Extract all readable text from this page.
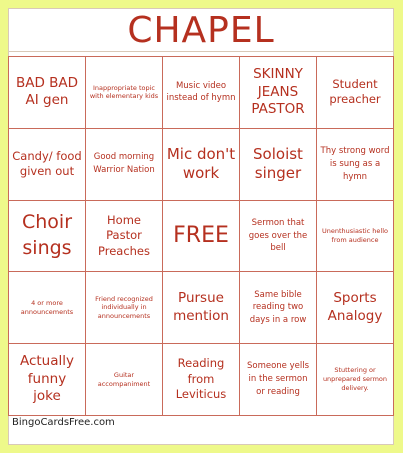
CHAPEL
BAD BAD AI gen
Inappropriate topic with elementary kids
Music video instead of hymn
SKINNY JEANS PASTOR
Student preacher
Candy/ food given out
Good morning Warrior Nation
Mic don't work
Soloist singer
Thy strong word is sung as a hymn
Choir sings
Home Pastor Preaches
FREE
Sermon that goes over the bell
Unenthusiastic hello from audience
4 or more announcements
Friend recognized individually in announcements
Pursue mention
Same bible reading two days in a row
Sports Analogy
Actually funny joke
Guitar accompaniment
Reading from Leviticus
Someone yells in the sermon or reading
Stuttering or unprepared sermon delivery.
BingoCardsFree.com
